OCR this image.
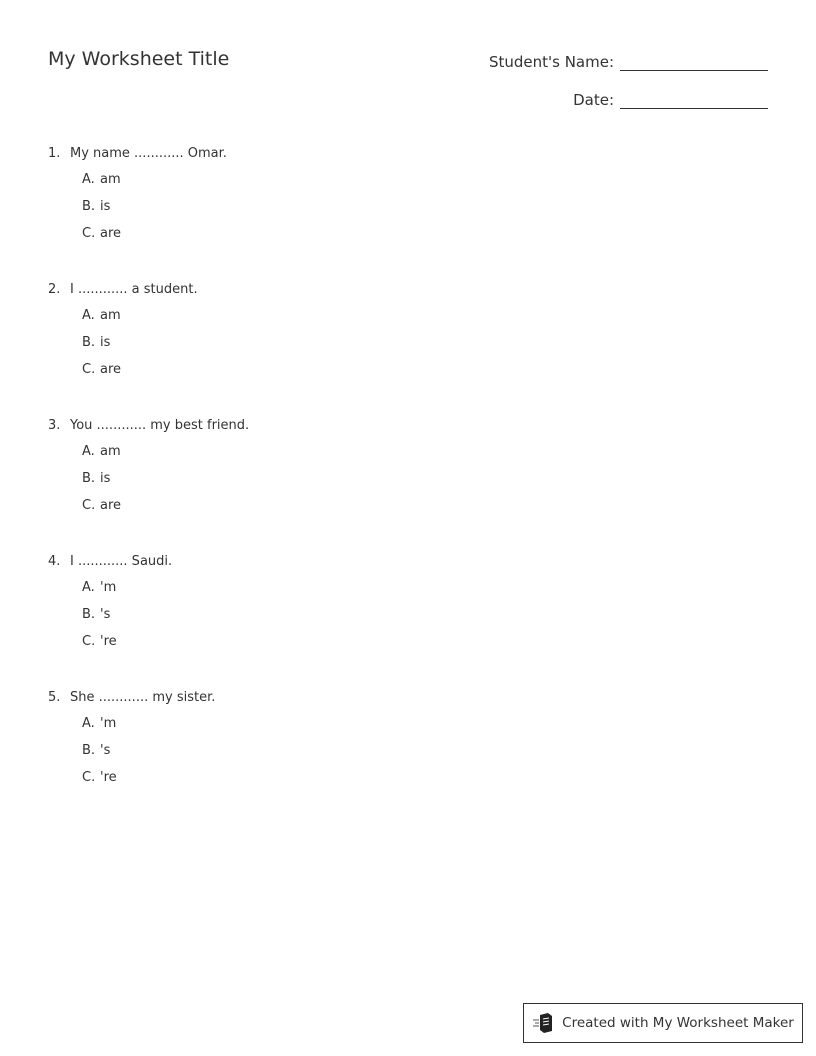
My Worksheet Title	Student's Name:
Date:
1. My name ............ Omar.
A. am
B. is
C. are
2. I ............ a student.
A. am
B. is
C. are
3. You ............ my best friend.
A. am
B. is
C. are
4. I ............ Saudi.
A. 'm
B. 's
C. 're
5. She ............ my sister.
A. 'm
B. 's
C. 're
Created with My Worksheet Maker
